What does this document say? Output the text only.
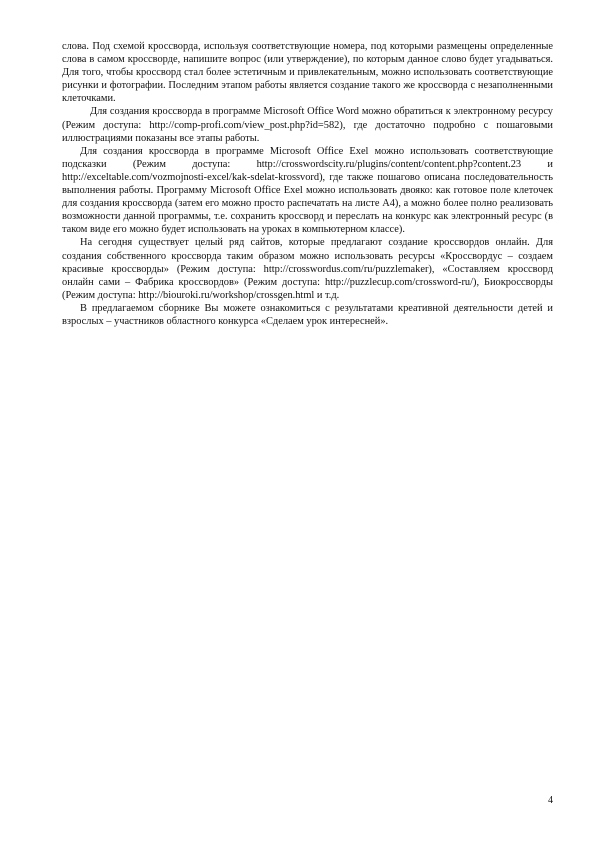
слова. Под схемой кроссворда, используя соответствующие номера, под которыми размещены определенные слова в самом кроссворде, напишите вопрос (или утверждение), по которым данное слово будет угадываться. Для того, чтобы кроссворд стал более эстетичным и привлекательным, можно использовать соответствующие рисунки и фотографии. Последним этапом работы является создание такого же кроссворда с незаполненными клеточками.

Для создания кроссворда в программе Microsoft Office Word можно обратиться к электронному ресурсу (Режим доступа: http://comp-profi.com/view_post.php?id=582), где достаточно подробно с пошаговыми иллюстрациями показаны все этапы работы.

Для создания кроссворда в программе Microsoft Office Exel можно использовать соответствующие подсказки (Режим доступа: http://crosswordscity.ru/plugins/content/content.php?content.23 и http://exceltable.com/vozmojnosti-excel/kak-sdelat-krossvord), где также пошагово описана последовательность выполнения работы. Программу Microsoft Office Exel можно использовать двояко: как готовое поле клеточек для создания кроссворда (затем его можно просто распечатать на листе А4), а можно более полно реализовать возможности данной программы, т.е. сохранить кроссворд и переслать на конкурс как электронный ресурс (в таком виде его можно будет использовать на уроках в компьютерном классе).

На сегодня существует целый ряд сайтов, которые предлагают создание кроссвордов онлайн. Для создания собственного кроссворда таким образом можно использовать ресурсы «Кроссвордус – создаем красивые кроссворды» (Режим доступа: http://crosswordus.com/ru/puzzlemaker), «Составляем кроссворд онлайн сами – Фабрика кроссвордов» (Режим доступа: http://puzzlecup.com/crossword-ru/), Биокроссворды (Режим доступа: http://biouroki.ru/workshop/crossgen.html и т.д.

В предлагаемом сборнике Вы можете ознакомиться с результатами креативной деятельности детей и взрослых – участников областного конкурса «Сделаем урок интересней».

4
